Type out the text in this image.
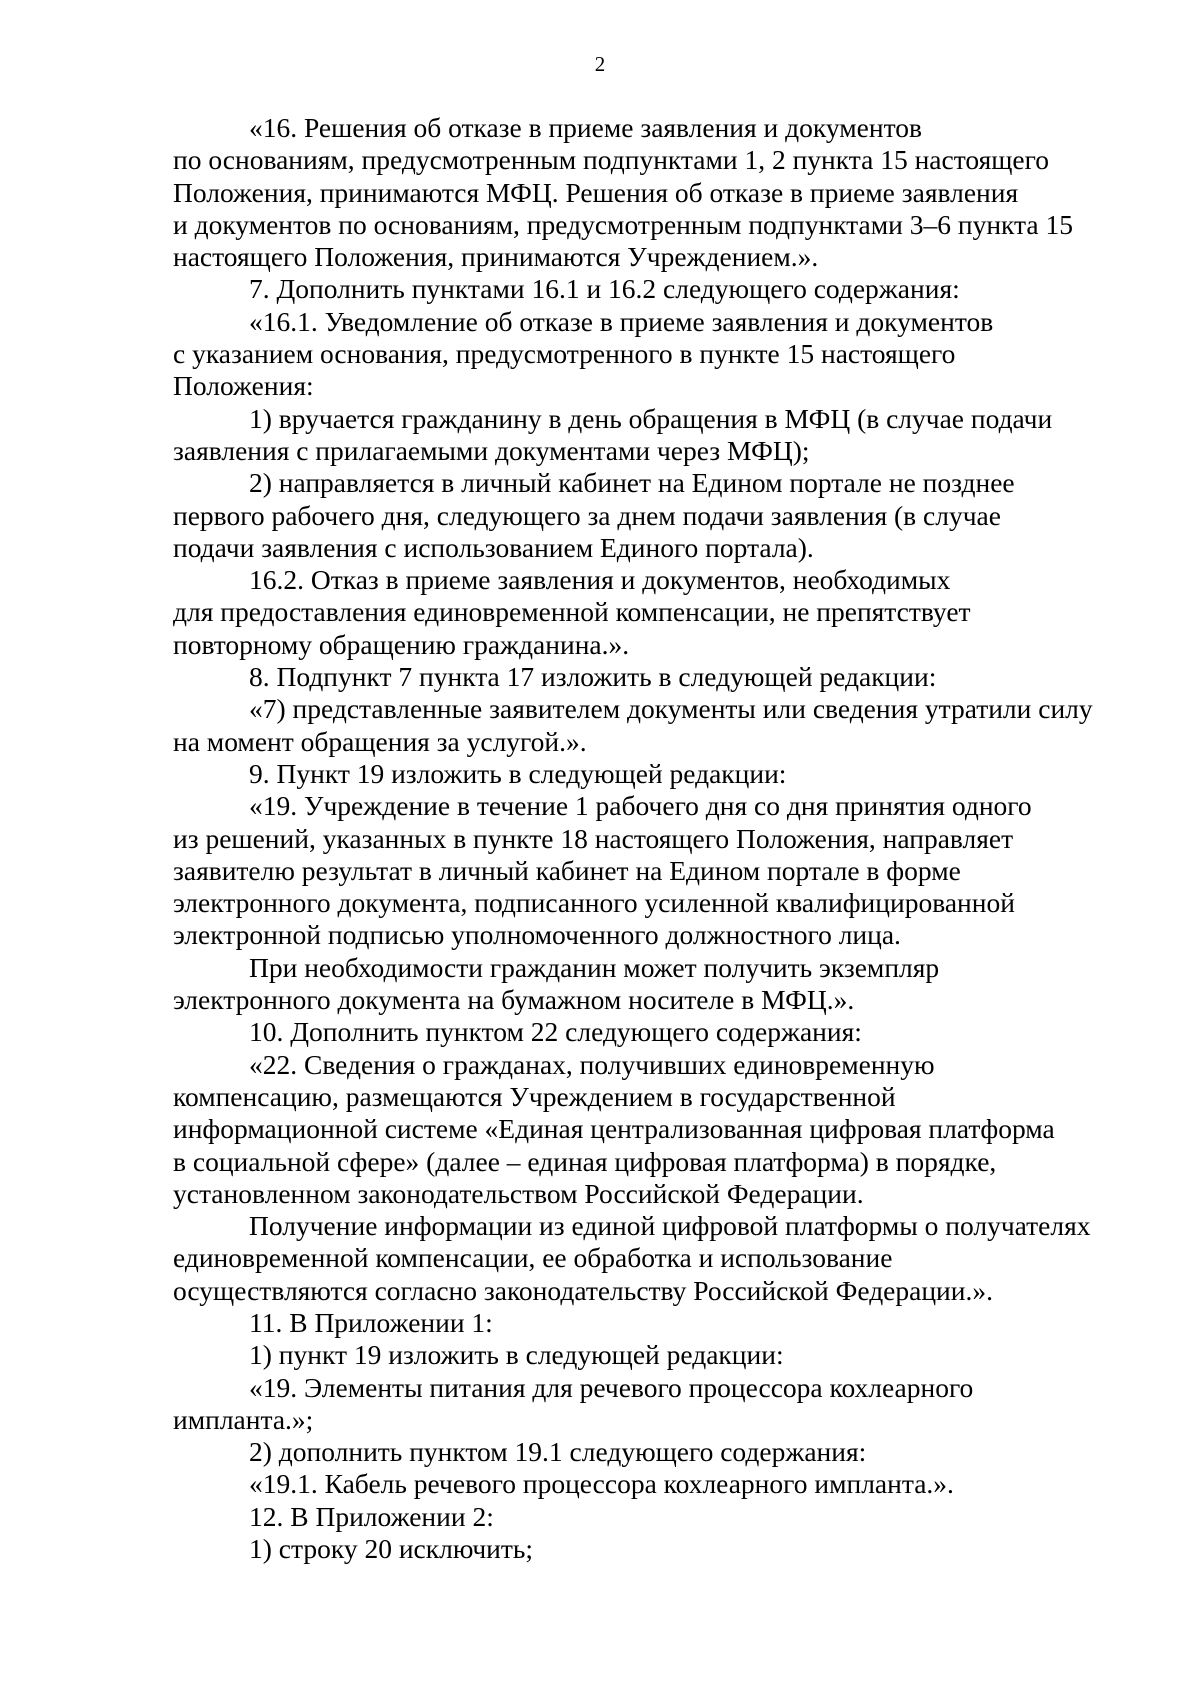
2

«16. Решения об отказе в приеме заявления и документов
по основаниям, предусмотренным подпунктами 1, 2 пункта 15 настоящего
Положения, принимаются МФЦ. Решения об отказе в приеме заявления
и документов по основаниям, предусмотренным подпунктами 3–6 пункта 15
настоящего Положения, принимаются Учреждением.».

7. Дополнить пунктами 16.1 и 16.2 следующего содержания:

«16.1. Уведомление об отказе в приеме заявления и документов
с указанием основания, предусмотренного в пункте 15 настоящего
Положения:

1) вручается гражданину в день обращения в МФЦ (в случае подачи
заявления с прилагаемыми документами через МФЦ);

2) направляется в личный кабинет на Едином портале не позднее
первого рабочего дня, следующего за днем подачи заявления (в случае
подачи заявления с использованием Единого портала).

16.2. Отказ в приеме заявления и документов, необходимых
для предоставления единовременной компенсации, не препятствует
повторному обращению гражданина.».

8. Подпункт 7 пункта 17 изложить в следующей редакции:

«7) представленные заявителем документы или сведения утратили силу
на момент обращения за услугой.».

9. Пункт 19 изложить в следующей редакции:

«19. Учреждение в течение 1 рабочего дня со дня принятия одного
из решений, указанных в пункте 18 настоящего Положения, направляет
заявителю результат в личный кабинет на Едином портале в форме
электронного документа, подписанного усиленной квалифицированной
электронной подписью уполномоченного должностного лица.

При необходимости гражданин может получить экземпляр
электронного документа на бумажном носителе в МФЦ.».

10. Дополнить пунктом 22 следующего содержания:

«22. Сведения о гражданах, получивших единовременную
компенсацию, размещаются Учреждением в государственной
информационной системе «Единая централизованная цифровая платформа
в социальной сфере» (далее – единая цифровая платформа) в порядке,
установленном законодательством Российской Федерации.

Получение информации из единой цифровой платформы о получателях
единовременной компенсации, ее обработка и использование
осуществляются согласно законодательству Российской Федерации.».

11. В Приложении 1:

1) пункт 19 изложить в следующей редакции:

«19. Элементы питания для речевого процессора кохлеарного
импланта.»;

2) дополнить пунктом 19.1 следующего содержания:

«19.1. Кабель речевого процессора кохлеарного импланта.».

12. В Приложении 2:

1) строку 20 исключить;
